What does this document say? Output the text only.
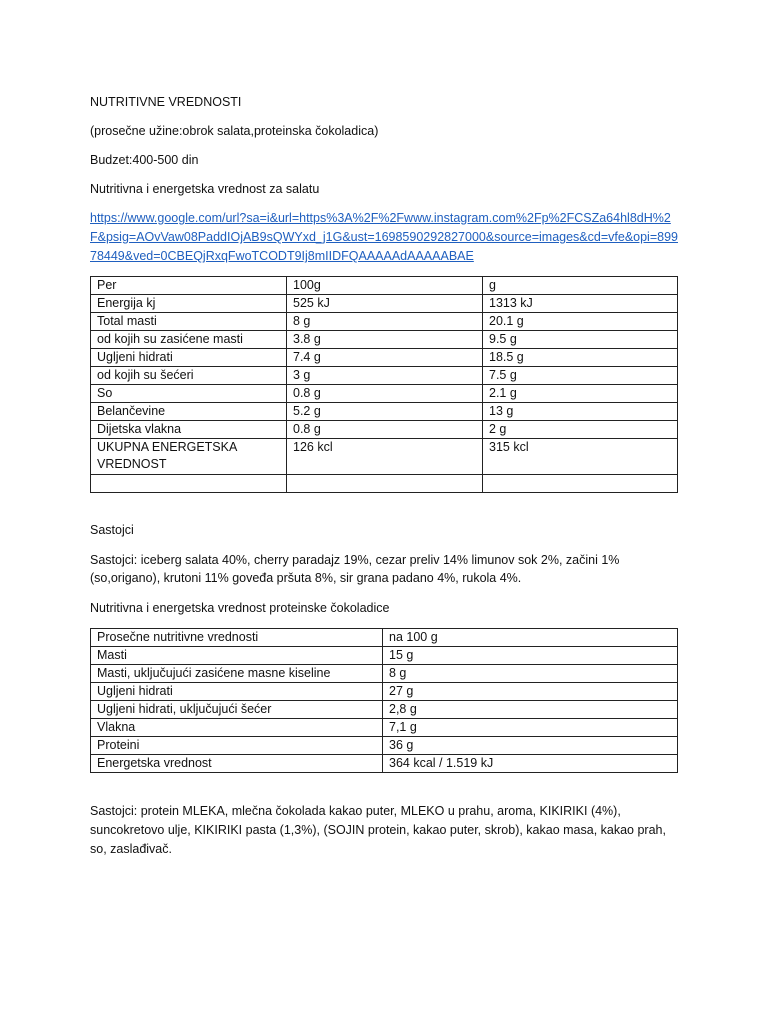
NUTRITIVNE VREDNOSTI
(prosečne užine:obrok salata,proteinska čokoladica)
Budzet:400-500 din
Nutritivna i energetska vrednost za salatu
https://www.google.com/url?sa=i&url=https%3A%2F%2Fwww.instagram.com%2Fp%2FCSZa64hl8dH%2F&psig=AOvVaw08PaddIOjAB9sQWYxd_j1G&ust=1698590292827000&source=images&cd=vfe&opi=89978449&ved=0CBEQjRxqFwoTCODT9Ij8mIIDFQAAAAAdAAAAABAE
Per	100g	g
Energija kj	525 kJ	1313 kJ
Total masti	8 g	20.1 g
od kojih su zasićene masti	3.8 g	9.5 g
Ugljeni hidrati	7.4 g	18.5 g
od kojih su šećeri	3 g	7.5 g
So	0.8 g	2.1 g
Belančevine	5.2 g	13 g
Dijetska vlakna	0.8 g	2 g
UKUPNA ENERGETSKA VREDNOST	126 kcl	315 kcl

Sastojci
Sastojci: iceberg salata 40%, cherry paradajz 19%, cezar preliv 14% limunov sok 2%, začini 1%
(so,origano), krutoni 11% goveđa pršuta 8%, sir grana padano 4%, rukola 4%.
Nutritivna i energetska vrednost proteinske čokoladice
Prosečne nutritivne vrednosti	na 100 g
Masti	15 g
Masti, uključujući zasićene masne kiseline	8 g
Ugljeni hidrati	27 g
Ugljeni hidrati, uključujući šećer	2,8 g
Vlakna	7,1 g
Proteini	36 g
Energetska vrednost	364 kcal / 1.519 kJ
Sastojci: protein MLEKA, mlečna čokolada kakao puter, MLEKO u prahu, aroma, KIKIRIKI (4%),
suncokretovo ulje, KIKIRIKI pasta (1,3%), (SOJIN protein, kakao puter, skrob), kakao masa, kakao prah,
so, zaslađivač.
